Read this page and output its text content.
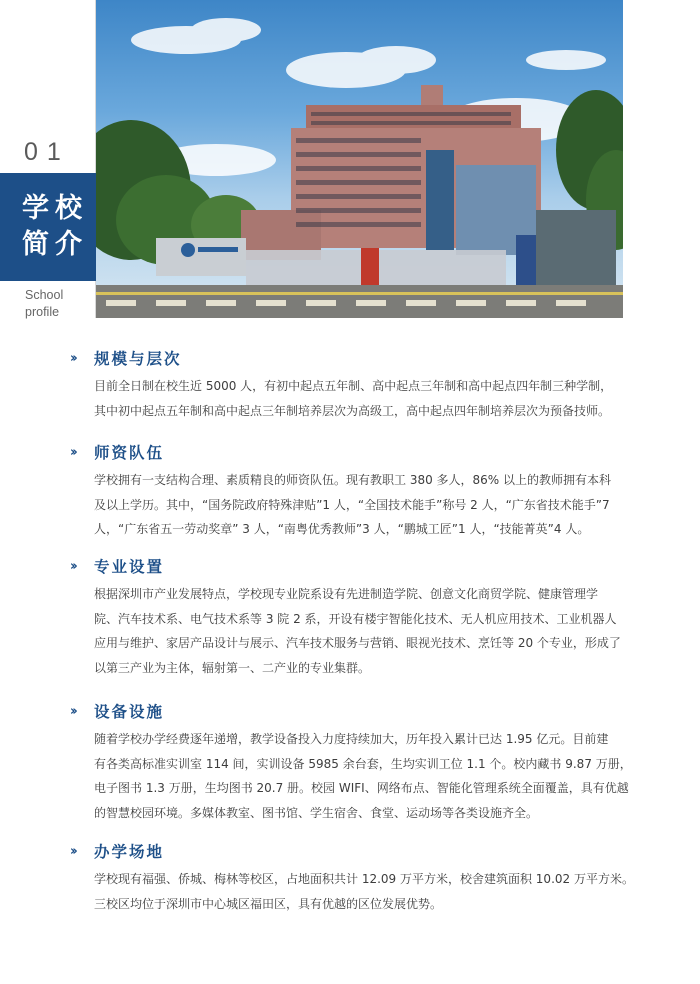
01
学校
简介
School
profile
››	规模与层次

目前全日制在校生近 5000 人，有初中起点五年制、高中起点三年制和高中起点四年制三种学制，

其中初中起点五年制和高中起点三年制培养层次为高级工，高中起点四年制培养层次为预备技师。

››	师资队伍

学校拥有一支结构合理、素质精良的师资队伍。现有教职工 380 多人，86% 以上的教师拥有本科

及以上学历。其中，“国务院政府特殊津贴”1 人，“全国技术能手”称号 2 人，“广东省技术能手”7

人，“广东省五一劳动奖章” 3 人，“南粤优秀教师”3 人，“鹏城工匠”1 人，“技能菁英”4 人。

››	专业设置

根据深圳市产业发展特点，学校现专业院系设有先进制造学院、创意文化商贸学院、健康管理学

院、汽车技术系、电气技术系等 3 院 2 系，开设有楼宇智能化技术、无人机应用技术、工业机器人

应用与维护、家居产品设计与展示、汽车技术服务与营销、眼视光技术、烹饪等 20 个专业，形成了

以第三产业为主体，辐射第一、二产业的专业集群。

››	设备设施

随着学校办学经费逐年递增，教学设备投入力度持续加大，历年投入累计已达 1.95 亿元。目前建

有各类高标准实训室 114 间，实训设备 5985 余台套，生均实训工位 1.1 个。校内藏书 9.87 万册，

电子图书 1.3 万册，生均图书 20.7 册。校园 WIFI、网络布点、智能化管理系统全面覆盖，具有优越

的智慧校园环境。多媒体教室、图书馆、学生宿舍、食堂、运动场等各类设施齐全。

››	办学场地

学校现有福强、侨城、梅林等校区，占地面积共计 12.09 万平方米，校舍建筑面积 10.02 万平方米。

三校区均位于深圳市中心城区福田区，具有优越的区位发展优势。
